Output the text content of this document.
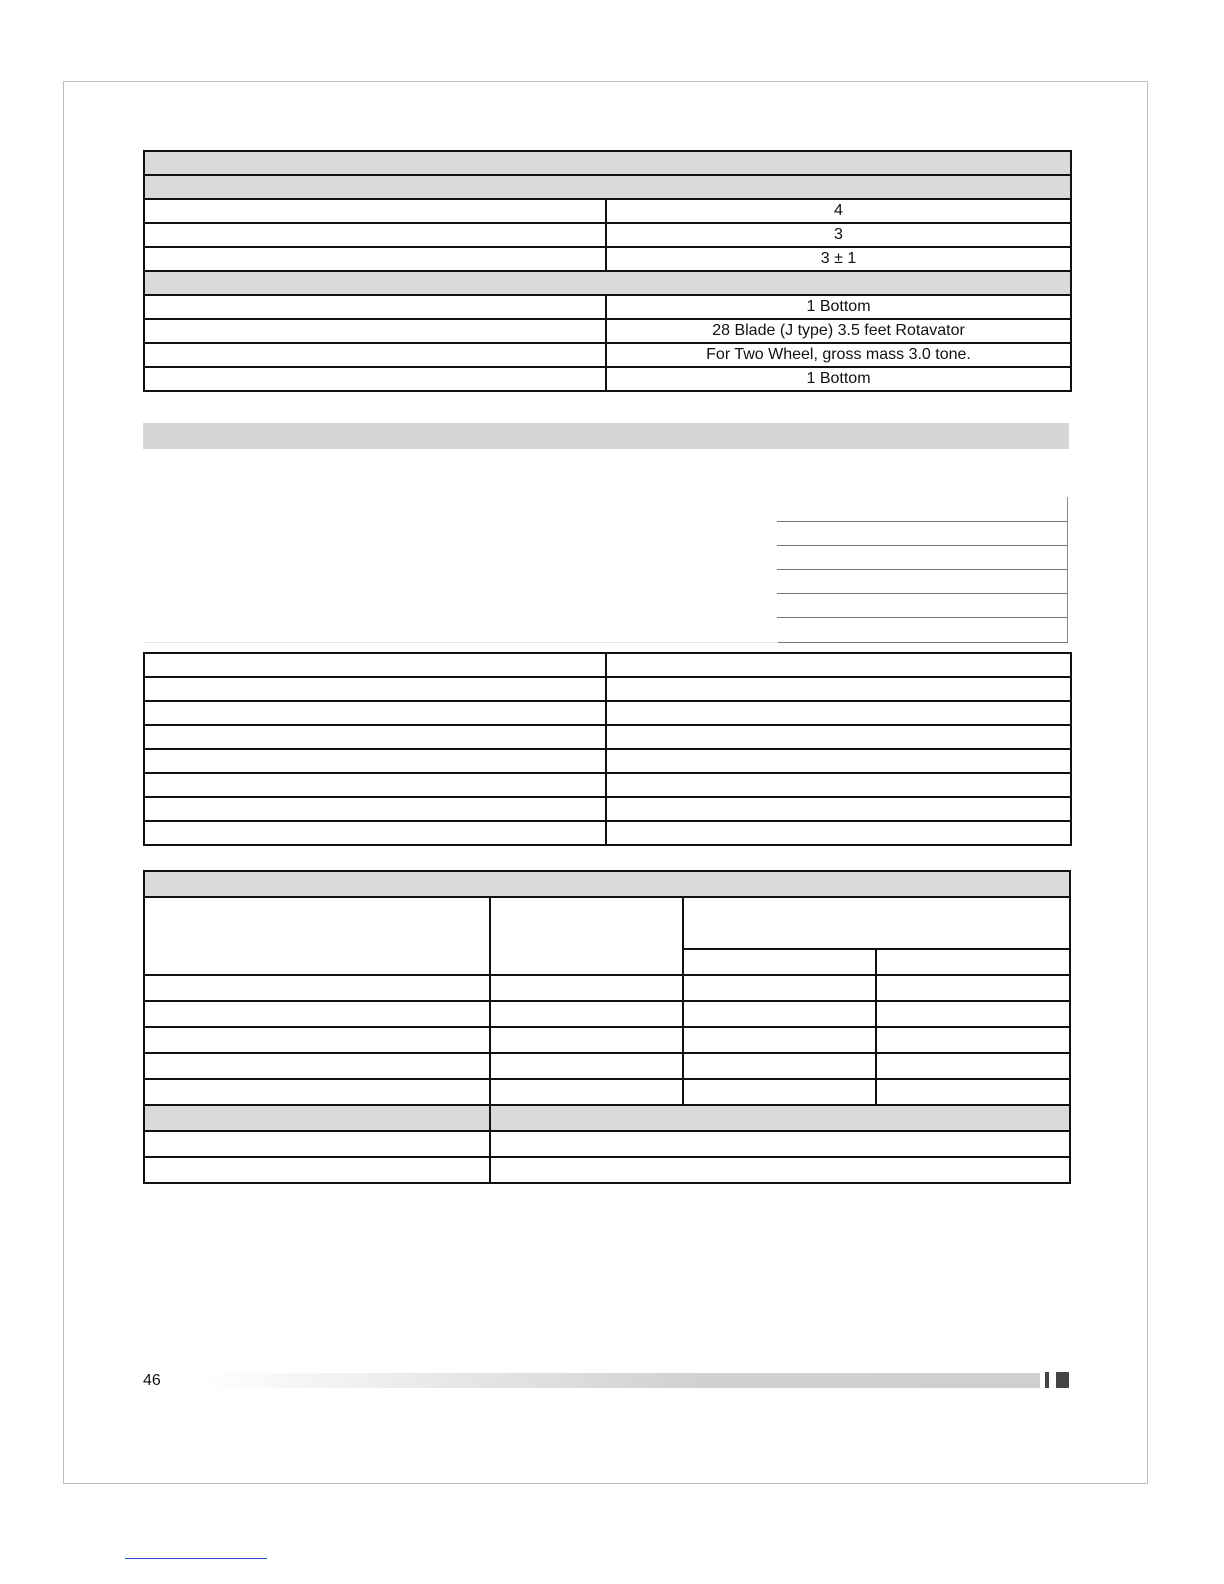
	4
	3
	3 ± 1

	1 Bottom
	28 Blade (J type) 3.5 feet Rotavator
	For Two Wheel, gross mass 3.0 tone.
	1 Bottom

46
